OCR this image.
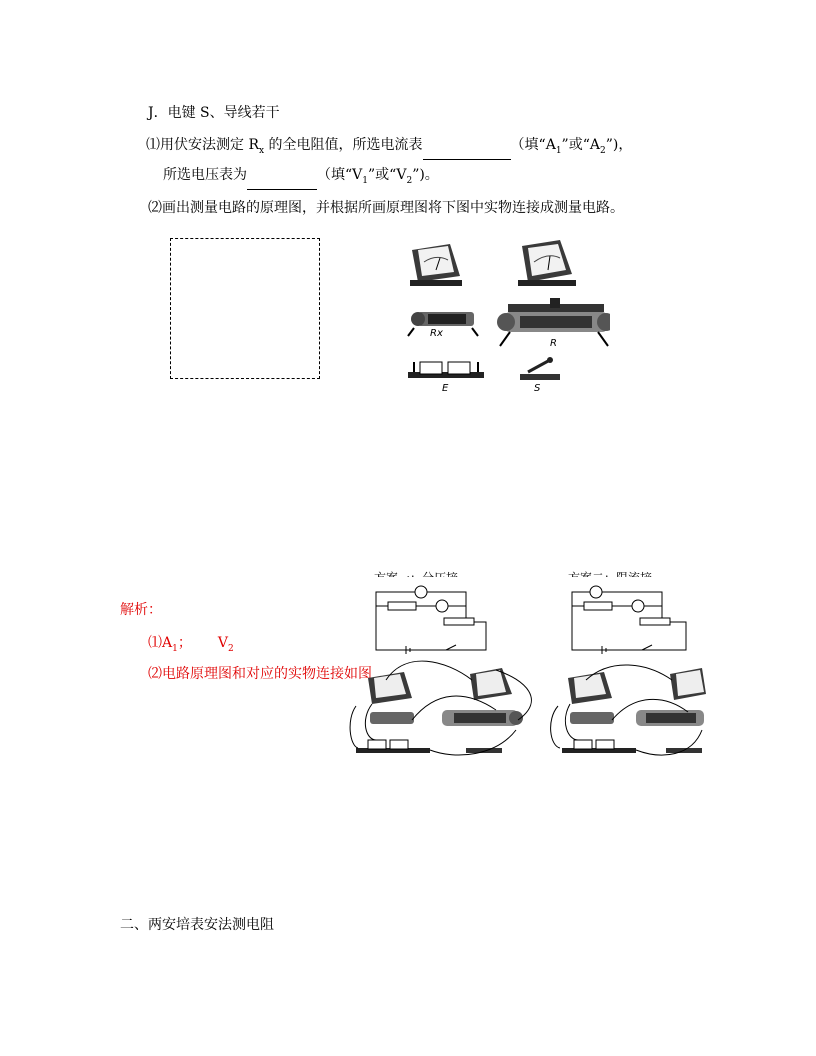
J．电键 S、导线若干
⑴用伏安法测定 $R_x$ 的全电阻值，所选电流表	（填“$A_1$”或“$A_2$”)，
所选电压表为	（填“$V_1$”或“$V_2$”)。
⑵画出测量电路的原理图，并根据所画原理图将下图中实物连接成测量电路。
Rx
R
E	S
解析：
$⑴A_1$； $V_2$
⑵电路原理图和对应的实物连接如图
二、两安培表安法测电阻
